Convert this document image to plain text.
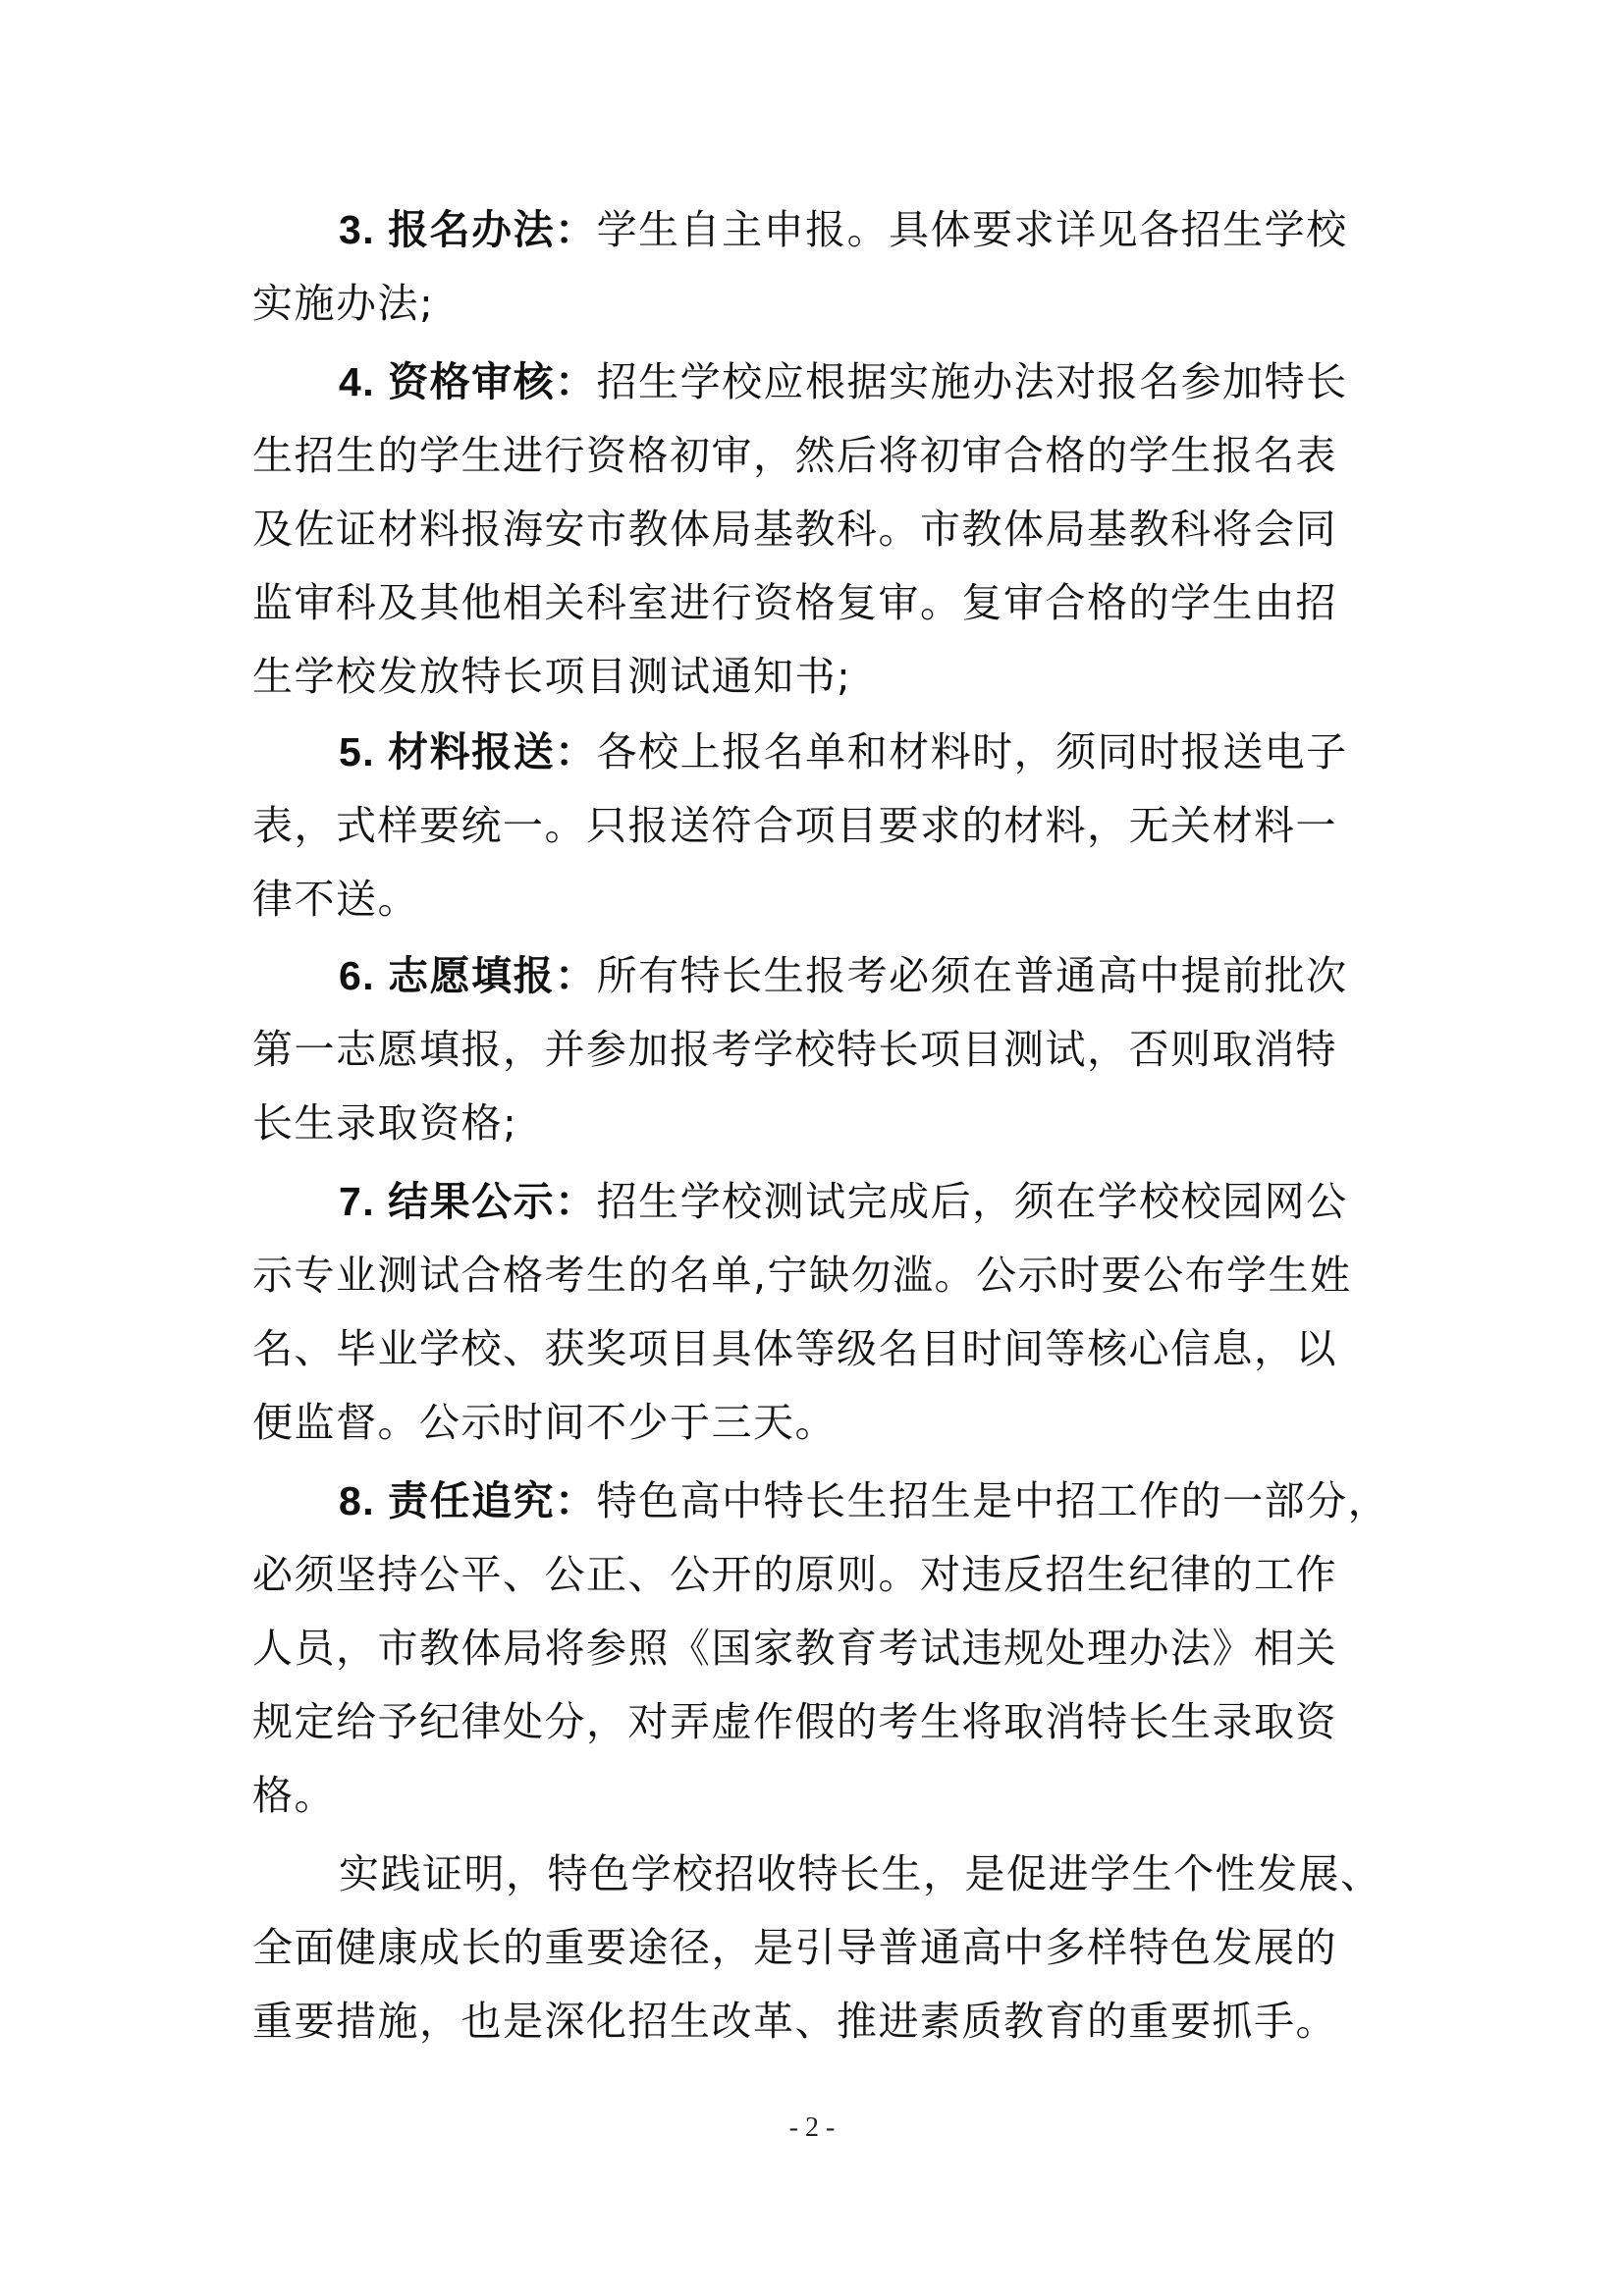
3. 报名办法：学生自主申报。具体要求详见各招生学校
实施办法;
4. 资格审核：招生学校应根据实施办法对报名参加特长
生招生的学生进行资格初审，然后将初审合格的学生报名表
及佐证材料报海安市教体局基教科。市教体局基教科将会同
监审科及其他相关科室进行资格复审。复审合格的学生由招
生学校发放特长项目测试通知书;
5. 材料报送：各校上报名单和材料时，须同时报送电子
表，式样要统一。只报送符合项目要求的材料，无关材料一
律不送。
6. 志愿填报：所有特长生报考必须在普通高中提前批次
第一志愿填报，并参加报考学校特长项目测试，否则取消特
长生录取资格;
7. 结果公示：招生学校测试完成后，须在学校校园网公
示专业测试合格考生的名单,宁缺勿滥。公示时要公布学生姓
名、毕业学校、获奖项目具体等级名目时间等核心信息，以
便监督。公示时间不少于三天。
8. 责任追究：特色高中特长生招生是中招工作的一部分，
必须坚持公平、公正、公开的原则。对违反招生纪律的工作
人员，市教体局将参照《国家教育考试违规处理办法》相关
规定给予纪律处分，对弄虚作假的考生将取消特长生录取资
格。
实践证明，特色学校招收特长生，是促进学生个性发展、
全面健康成长的重要途径，是引导普通高中多样特色发展的
重要措施，也是深化招生改革、推进素质教育的重要抓手。
- 2 -
